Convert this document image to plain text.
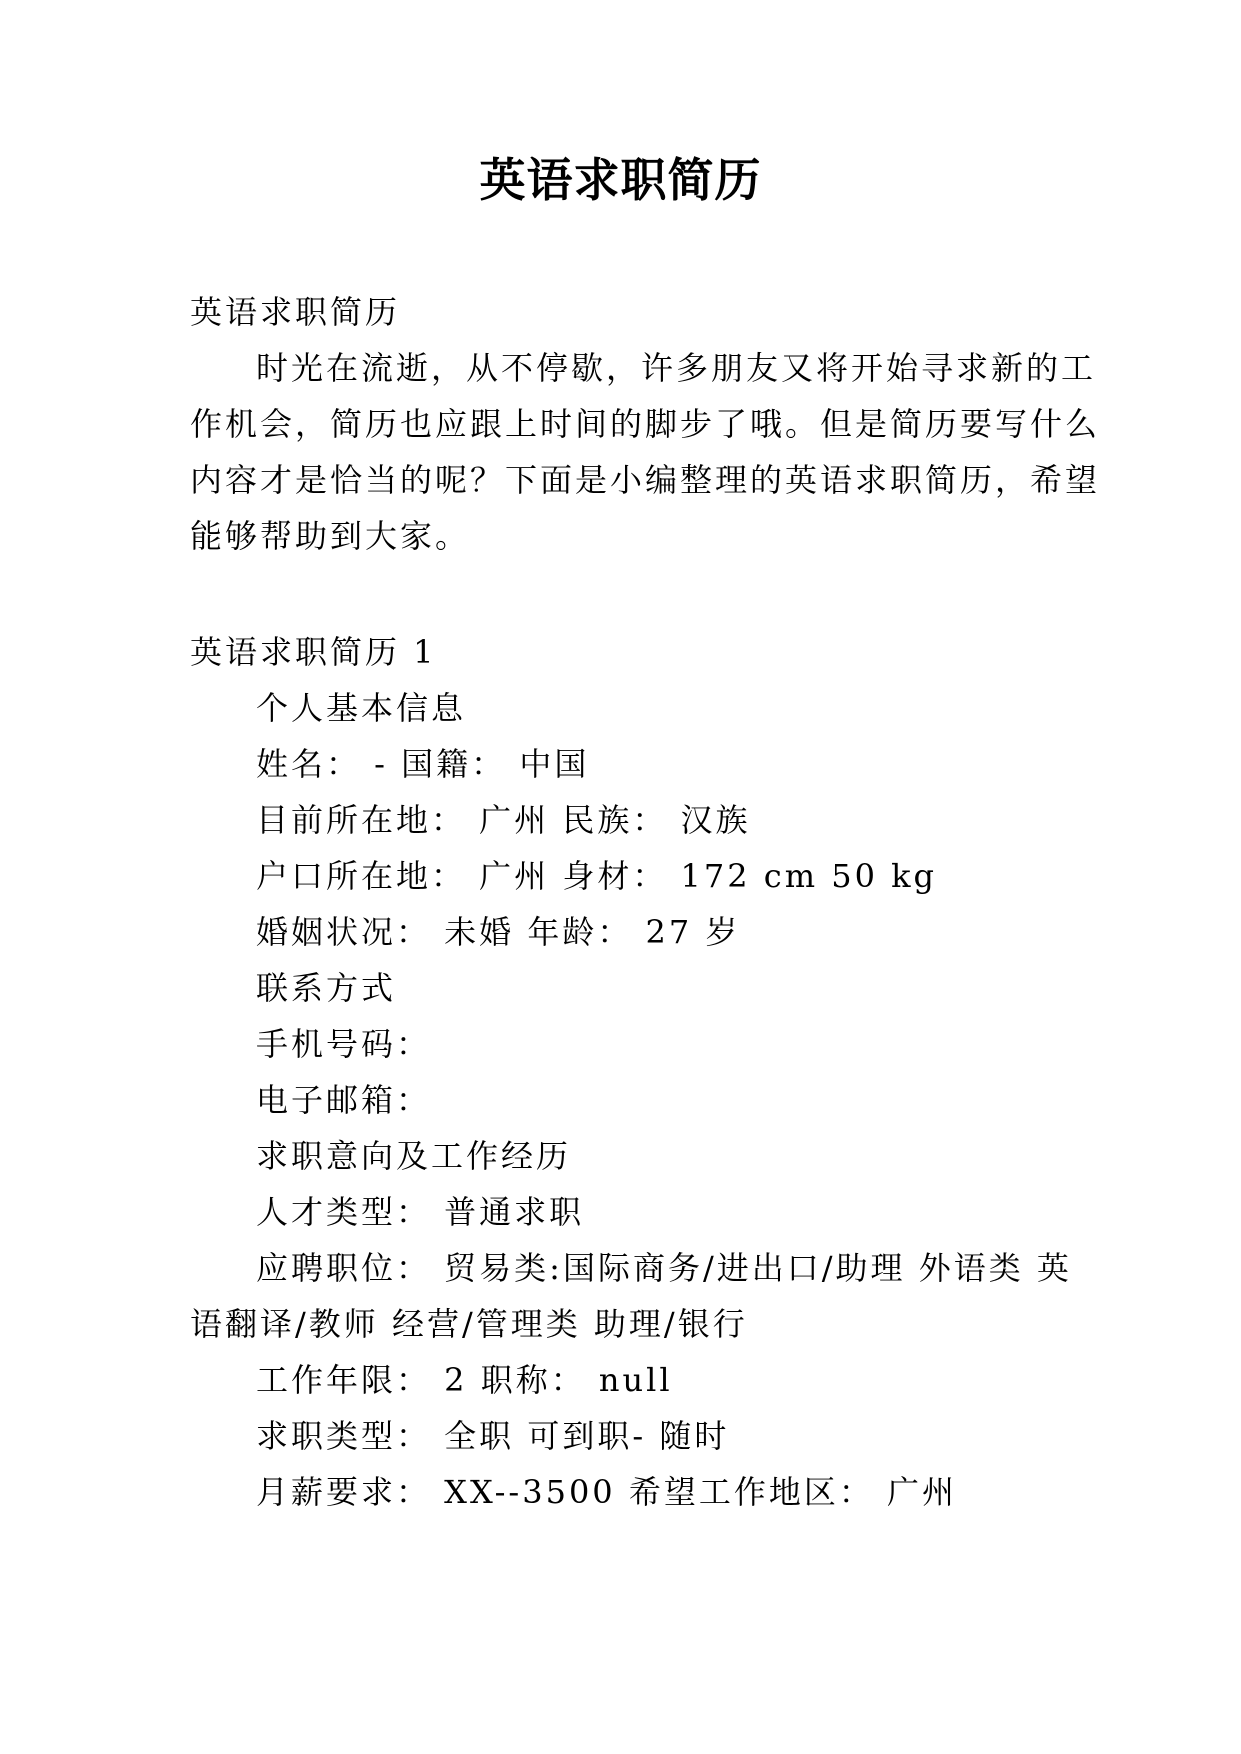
英语求职简历
英语求职简历
时光在流逝，从不停歇，许多朋友又将开始寻求新的工
作机会，简历也应跟上时间的脚步了哦。但是简历要写什么
内容才是恰当的呢？下面是小编整理的英语求职简历，希望
能够帮助到大家。
英语求职简历 1
个人基本信息
姓名： - 国籍： 中国
目前所在地： 广州 民族： 汉族
户口所在地： 广州 身材： 172 cm 50 kg
婚姻状况： 未婚 年龄： 27 岁
联系方式
手机号码：
电子邮箱：
求职意向及工作经历
人才类型： 普通求职
应聘职位： 贸易类:国际商务/进出口/助理 外语类 英
语翻译/教师 经营/管理类 助理/银行
工作年限： 2 职称： null
求职类型： 全职 可到职- 随时
月薪要求： XX--3500 希望工作地区： 广州
